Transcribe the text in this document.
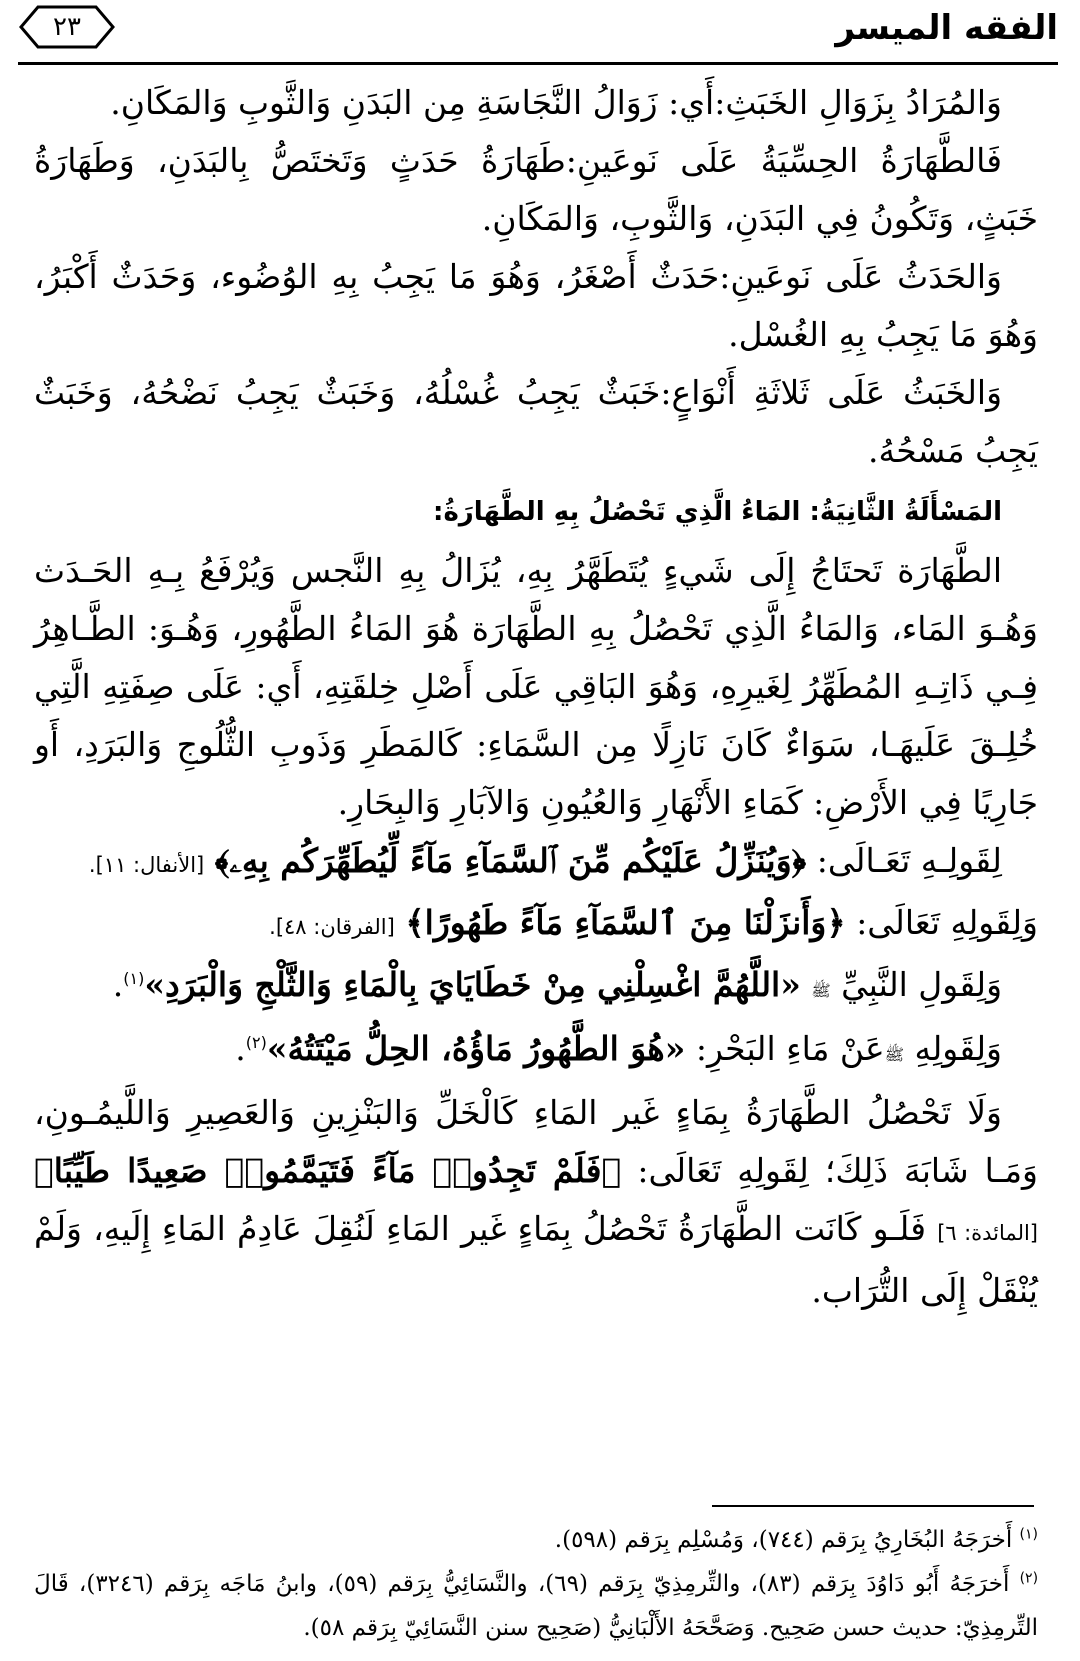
الفقه الميسر
٢٣

وَالمُرَادُ بِزَوَالِ الخَبَثِ:أَي: زَوَالُ النَّجَاسَةِ مِن البَدَنِ وَالثَّوبِ وَالمَكَانِ.

فَالطَّهَارَةُ الحِسِّيَةُ عَلَى نَوعَينِ:طَهَارَةُ حَدَثٍ وَتَختَصُّ بِالبَدَنِ، وَطَهَارَةُ خَبَثٍ، وَتَكُونُ فِي البَدَنِ، وَالثَّوبِ، وَالمَكَانِ.

وَالحَدَثُ عَلَى نَوعَينِ:حَدَثٌ أَصْغَرُ، وَهُوَ مَا يَجِبُ بِهِ الوُضُوء، وَحَدَثٌ أَكْبَرُ، وَهُوَ مَا يَجِبُ بِهِ الغُسْل.

وَالخَبَثُ عَلَى ثَلاثَةِ أَنْوَاعٍ:خَبَثٌ يَجِبُ غُسْلُهُ، وَخَبَثٌ يَجِبُ نَضْحُهُ، وَخَبَثٌ يَجِبُ مَسْحُهُ.

المَسْأَلَةُ الثَّانِيَةُ: المَاءُ الَّذِي تَحْصُلُ بِهِ الطَّهَارَةُ:

الطَّهَارَة تَحتَاجُ إِلَى شَيءٍ يُتَطَهَّرُ بِهِ، يُزَالُ بِهِ النَّجس وَيُرْفَعُ بِـهِ الحَـدَث وَهُـوَ المَاء، وَالمَاءُ الَّذِي تَحْصُلُ بِهِ الطَّهَارَة هُوَ المَاءُ الطَّهُورِ، وَهُـوَ: الطَّـاهِرُ فِـي ذَاتِـهِ المُطَهِّرُ لِغَيرِهِ، وَهُوَ البَاقِي عَلَى أَصْلِ خِلقَتِهِ، أَي: عَلَى صِفَتِهِ الَّتِي خُلِـقَ عَلَيهَـا، سَوَاءٌ كَانَ نَازِلًا مِن السَّمَاءِ: كَالمَطَرِ وَذَوبِ الثُّلُوجِ وَالبَرَدِ، أَو جَارِيًا فِي الأَرْضِ: كَمَاءِ الأَنْهَارِ وَالعُيُونِ وَالآبَارِ وَالبِحَارِ.

لِقَولِـهِ تَعَـالَى: ﴿وَيُنَزِّلُ عَلَيْكُم مِّنَ ٱلسَّمَآءِ مَآءً لِّيُطَهِّرَكُم بِهِۦ﴾ [الأنفال: ١١].

وَلِقَولِهِ تَعَالَى: ﴿وَأَنزَلْنَا مِنَ ٱلسَّمَآءِ مَآءً طَهُورًا﴾ [الفرقان: ٤٨].

وَلِقَولِ النَّبِيِّ ﷺ «اللَّهُمَّ اغْسِلْنِي مِنْ خَطَايَايَ بِالْمَاءِ وَالثَّلْجِ وَالْبَرَدِ»$^{(١)}$.

وَلِقَولِهِ ﷺعَنْ مَاءِ البَحْرِ: «هُوَ الطَّهُورُ مَاؤُهُ، الحِلُّ مَيْتَتُهُ»$^{(٢)}$.

وَلَا تَحْصُلُ الطَّهَارَةُ بِمَاءٍ غَير المَاءِ كَالْخَلِّ وَالبَنْزِينِ وَالعَصِيرِ وَاللَّيمُـونِ، وَمَـا شَابَهَ ذَلِكَ؛ لِقَولِهِ تَعَالَى: ﴿فَلَمْ تَجِدُوا۟ مَآءً فَتَيَمَّمُوا۟ صَعِيدًا طَيِّبًا﴾ [المائدة: ٦] فَلَـو كَانَت الطَّهَارَةُ تَحْصُلُ بِمَاءٍ غَير المَاءِ لَنُقِلَ عَادِمُ المَاءِ إِلَيهِ، وَلَمْ يُنْقَلْ إِلَى التُّرَاب.

$^{(١)}$ أَخرَجَهُ البُخَارِيُ بِرَقم (٧٤٤)، وَمُسْلِم بِرَقم (٥٩٨).

$^{(٢)}$ أَخرَجَهُ أَبُو دَاوُدَ بِرَقم (٨٣)، والتِّرمِذِيّ بِرَقم (٦٩)، والنَّسَائِيُّ بِرَقم (٥٩)، وابنُ مَاجَه بِرَقم (٣٢٤٦)، قَالَ التِّرمِذِيّ: حديث حسن صَحِيح. وَصَحَّحَهُ الأَلْبَانِيُّ (صَحِيح سنن النَّسَائِيّ بِرَقم ٥٨).
